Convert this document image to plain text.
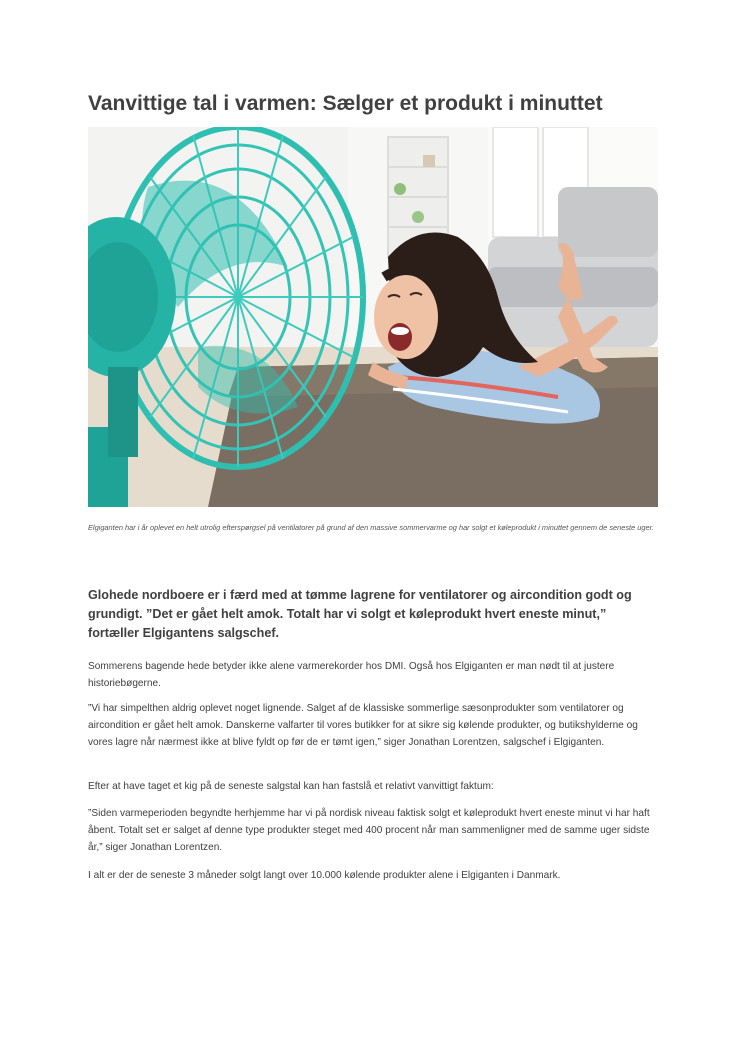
Vanvittige tal i varmen: Sælger et produkt i minuttet

Elgiganten har i år oplevet en helt utrolig efterspørgsel på ventilatorer på grund af den massive sommervarme og har solgt et køleprodukt i minuttet gennem de seneste uger.

Glohede nordboere er i færd med at tømme lagrene for ventilatorer og aircondition godt og grundigt. ”Det er gået helt amok. Totalt har vi solgt et køleprodukt hvert eneste minut,” fortæller Elgigantens salgschef.

Sommerens bagende hede betyder ikke alene varmerekorder hos DMI. Også hos Elgiganten er man nødt til at justere historiebøgerne.

”Vi har simpelthen aldrig oplevet noget lignende. Salget af de klassiske sommerlige sæsonprodukter som ventilatorer og aircondition er gået helt amok. Danskerne valfarter til vores butikker for at sikre sig kølende produkter, og butikshylderne og vores lagre når nærmest ikke at blive fyldt op før de er tømt igen,” siger Jonathan Lorentzen, salgschef i Elgiganten.

Efter at have taget et kig på de seneste salgstal kan han fastslå et relativt vanvittigt faktum:

”Siden varmeperioden begyndte herhjemme har vi på nordisk niveau faktisk solgt et køleprodukt hvert eneste minut vi har haft åbent. Totalt set er salget af denne type produkter steget med 400 procent når man sammenligner med de samme uger sidste år,” siger Jonathan Lorentzen.

I alt er der de seneste 3 måneder solgt langt over 10.000 kølende produkter alene i Elgiganten i Danmark.
